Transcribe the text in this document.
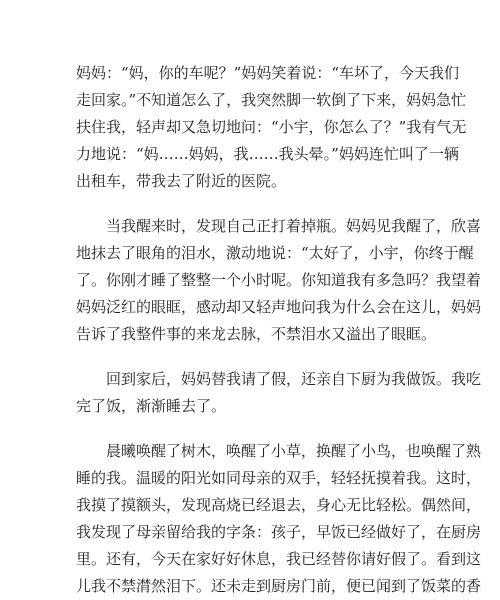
妈妈：“妈，你的车呢？”妈妈笑着说：“车坏了，今天我们
走回家。”不知道怎么了，我突然脚一软倒了下来，妈妈急忙
扶住我，轻声却又急切地问：“小宇，你怎么了？”我有气无
力地说：“妈……妈妈，我……我头晕。”妈妈连忙叫了一辆
出租车，带我去了附近的医院。
　　当我醒来时，发现自己正打着掉瓶。妈妈见我醒了，欣喜
地抹去了眼角的泪水，激动地说：“太好了，小宇，你终于醒
了。你刚才睡了整整一个小时呢。你知道我有多急吗？我望着
妈妈泛红的眼眶，感动却又轻声地问我为什么会在这儿，妈妈
告诉了我整件事的来龙去脉，不禁泪水又溢出了眼眶。
　　回到家后，妈妈替我请了假，还亲自下厨为我做饭。我吃
完了饭，渐渐睡去了。
　　晨曦唤醒了树木，唤醒了小草，换醒了小鸟，也唤醒了熟
睡的我。温暖的阳光如同母亲的双手，轻轻抚摸着我。这时，
我摸了摸额头，发现高烧已经退去，身心无比轻松。偶然间，
我发现了母亲留给我的字条：孩子，早饭已经做好了，在厨房
里。还有，今天在家好好休息，我已经替你请好假了。看到这
儿我不禁潸然泪下。还未走到厨房门前，便已闻到了饭菜的香
